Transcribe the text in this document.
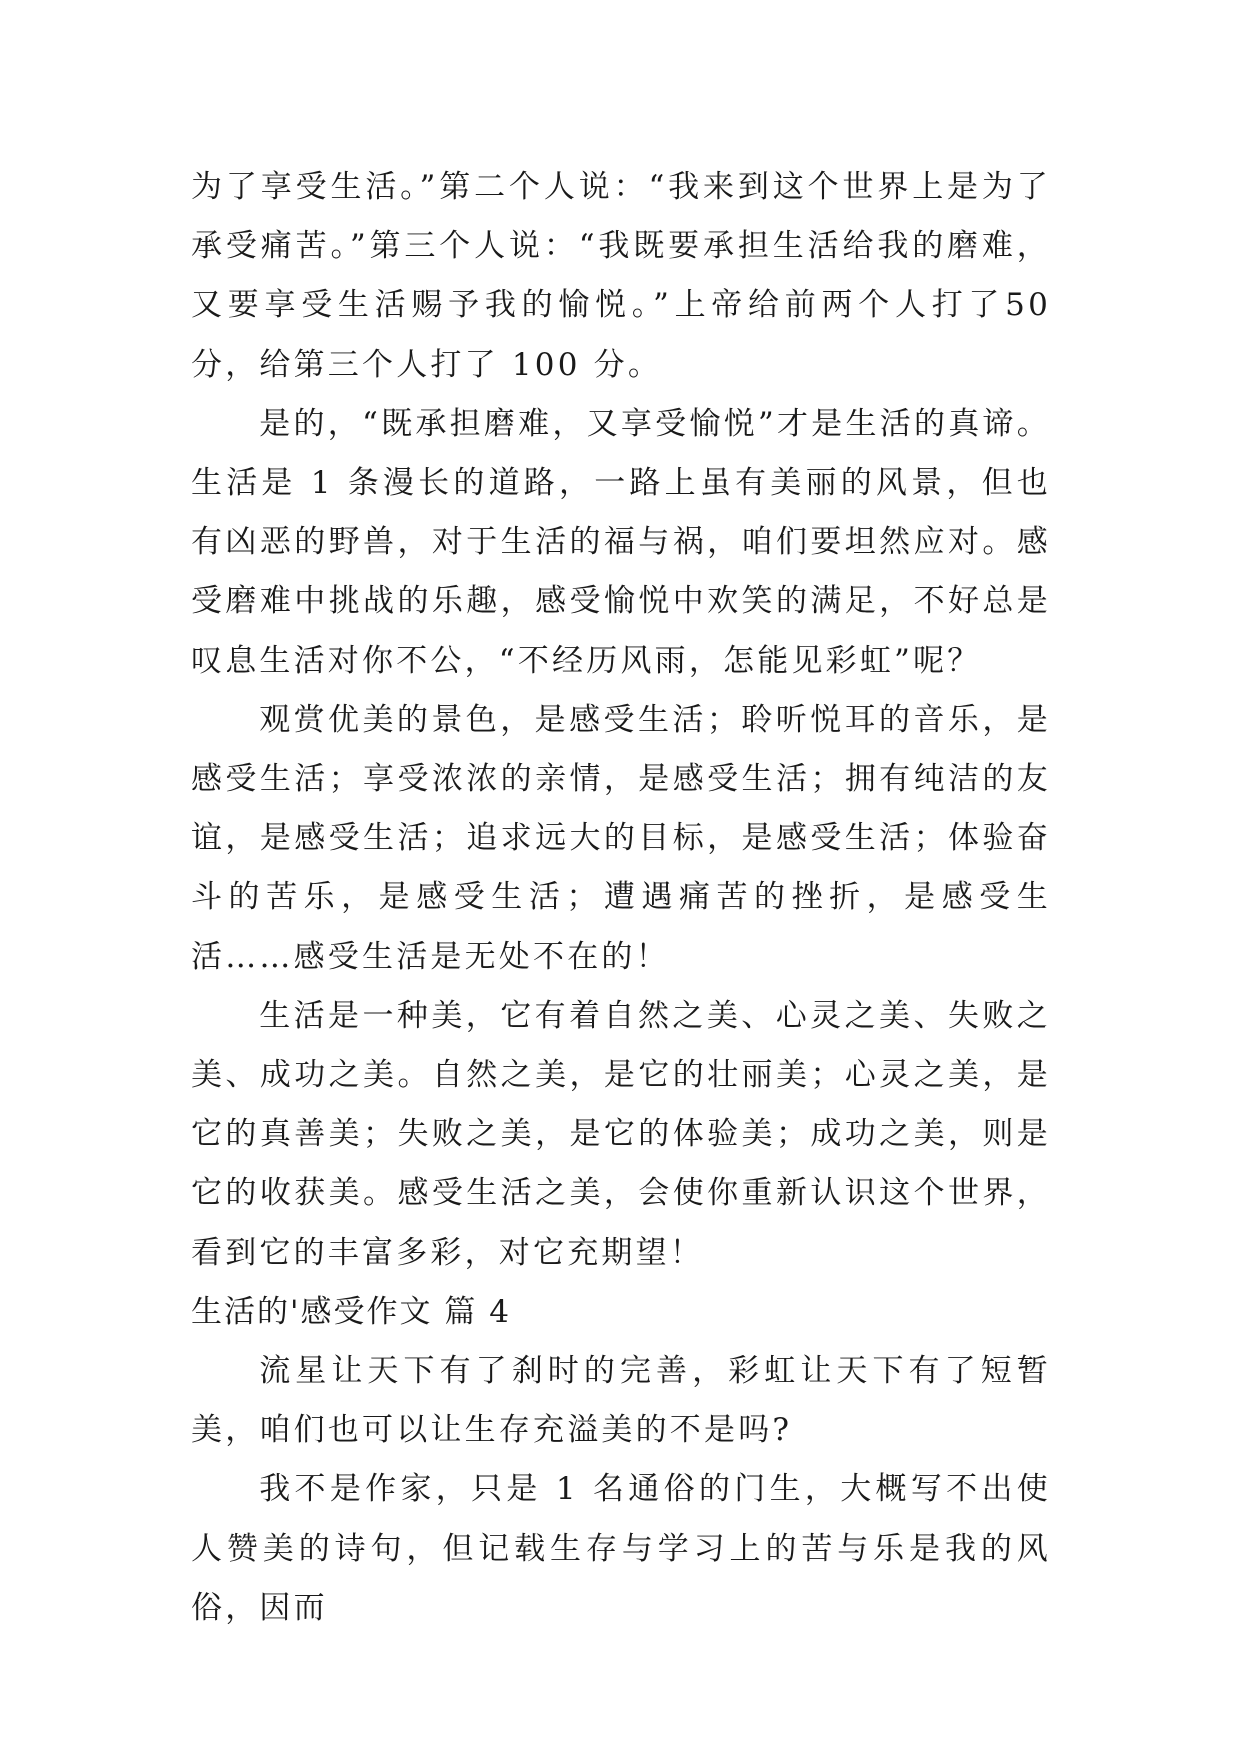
为了享受生活。”第二个人说：“我来到这个世界上是为了承受痛苦。”第三个人说：“我既要承担生活给我的磨难，又要享受生活赐予我的愉悦。”上帝给前两个人打了50分，给第三个人打了 100 分。

是的，“既承担磨难，又享受愉悦”才是生活的真谛。生活是 1 条漫长的道路，一路上虽有美丽的风景，但也有凶恶的野兽，对于生活的福与祸，咱们要坦然应对。感受磨难中挑战的乐趣，感受愉悦中欢笑的满足，不好总是叹息生活对你不公，“不经历风雨，怎能见彩虹”呢？

观赏优美的景色，是感受生活；聆听悦耳的音乐，是感受生活；享受浓浓的亲情，是感受生活；拥有纯洁的友谊，是感受生活；追求远大的目标，是感受生活；体验奋斗的苦乐，是感受生活；遭遇痛苦的挫折，是感受生活……感受生活是无处不在的！

生活是一种美，它有着自然之美、心灵之美、失败之美、成功之美。自然之美，是它的壮丽美；心灵之美，是它的真善美；失败之美，是它的体验美；成功之美，则是它的收获美。感受生活之美，会使你重新认识这个世界，看到它的丰富多彩，对它充期望！

生活的'感受作文 篇 4

流星让天下有了刹时的完善，彩虹让天下有了短暂美，咱们也可以让生存充溢美的不是吗?

我不是作家，只是 1 名通俗的门生，大概写不出使人赞美的诗句，但记载生存与学习上的苦与乐是我的风俗，因而
